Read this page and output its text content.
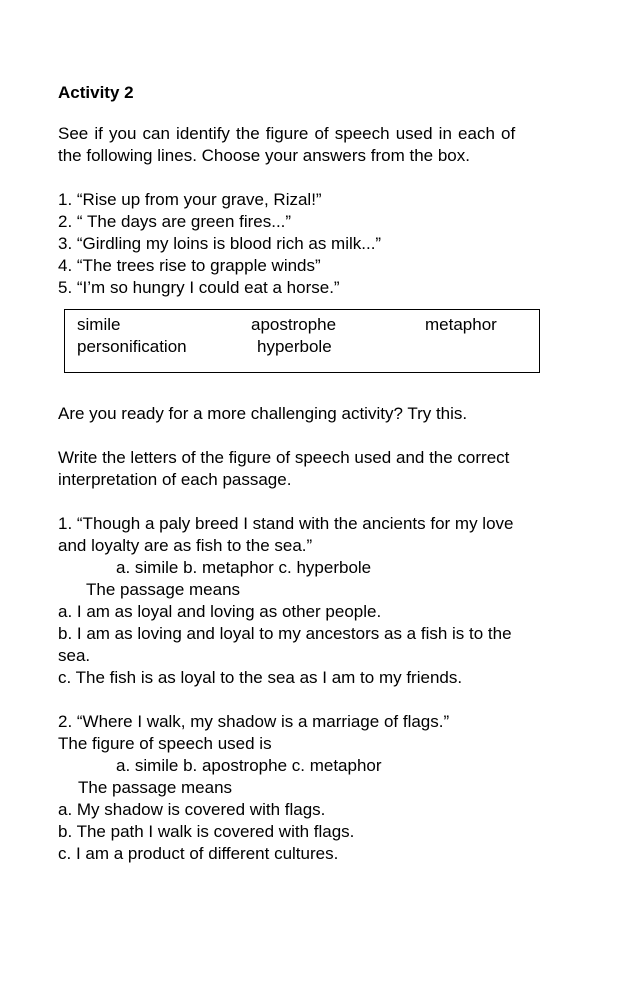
Activity 2

See if you can identify the figure of speech used in each of

the following lines. Choose your answers from the box.

1. “Rise up from your grave, Rizal!”

2. “ The days are green fires...”

3. “Girdling my loins is blood rich as milk...”

4. “The trees rise to grapple winds”

5. “I’m so hungry I could eat a horse.”

simile	apostrophe	metaphor
personification	hyperbole

Are you ready for a more challenging activity? Try this.

Write the letters of the figure of speech used and the correct

interpretation of each passage.

1. “Though a paly breed I stand with the ancients for my love

and loyalty are as fish to the sea.”

a. simile b. metaphor c. hyperbole

The passage means

a. I am as loyal and loving as other people.

b. I am as loving and loyal to my ancestors as a fish is to the

sea.

c. The fish is as loyal to the sea as I am to my friends.

2. “Where I walk, my shadow is a marriage of flags.”

The figure of speech used is

a. simile b. apostrophe c. metaphor

The passage means

a. My shadow is covered with flags.

b. The path I walk is covered with flags.

c. I am a product of different cultures.
